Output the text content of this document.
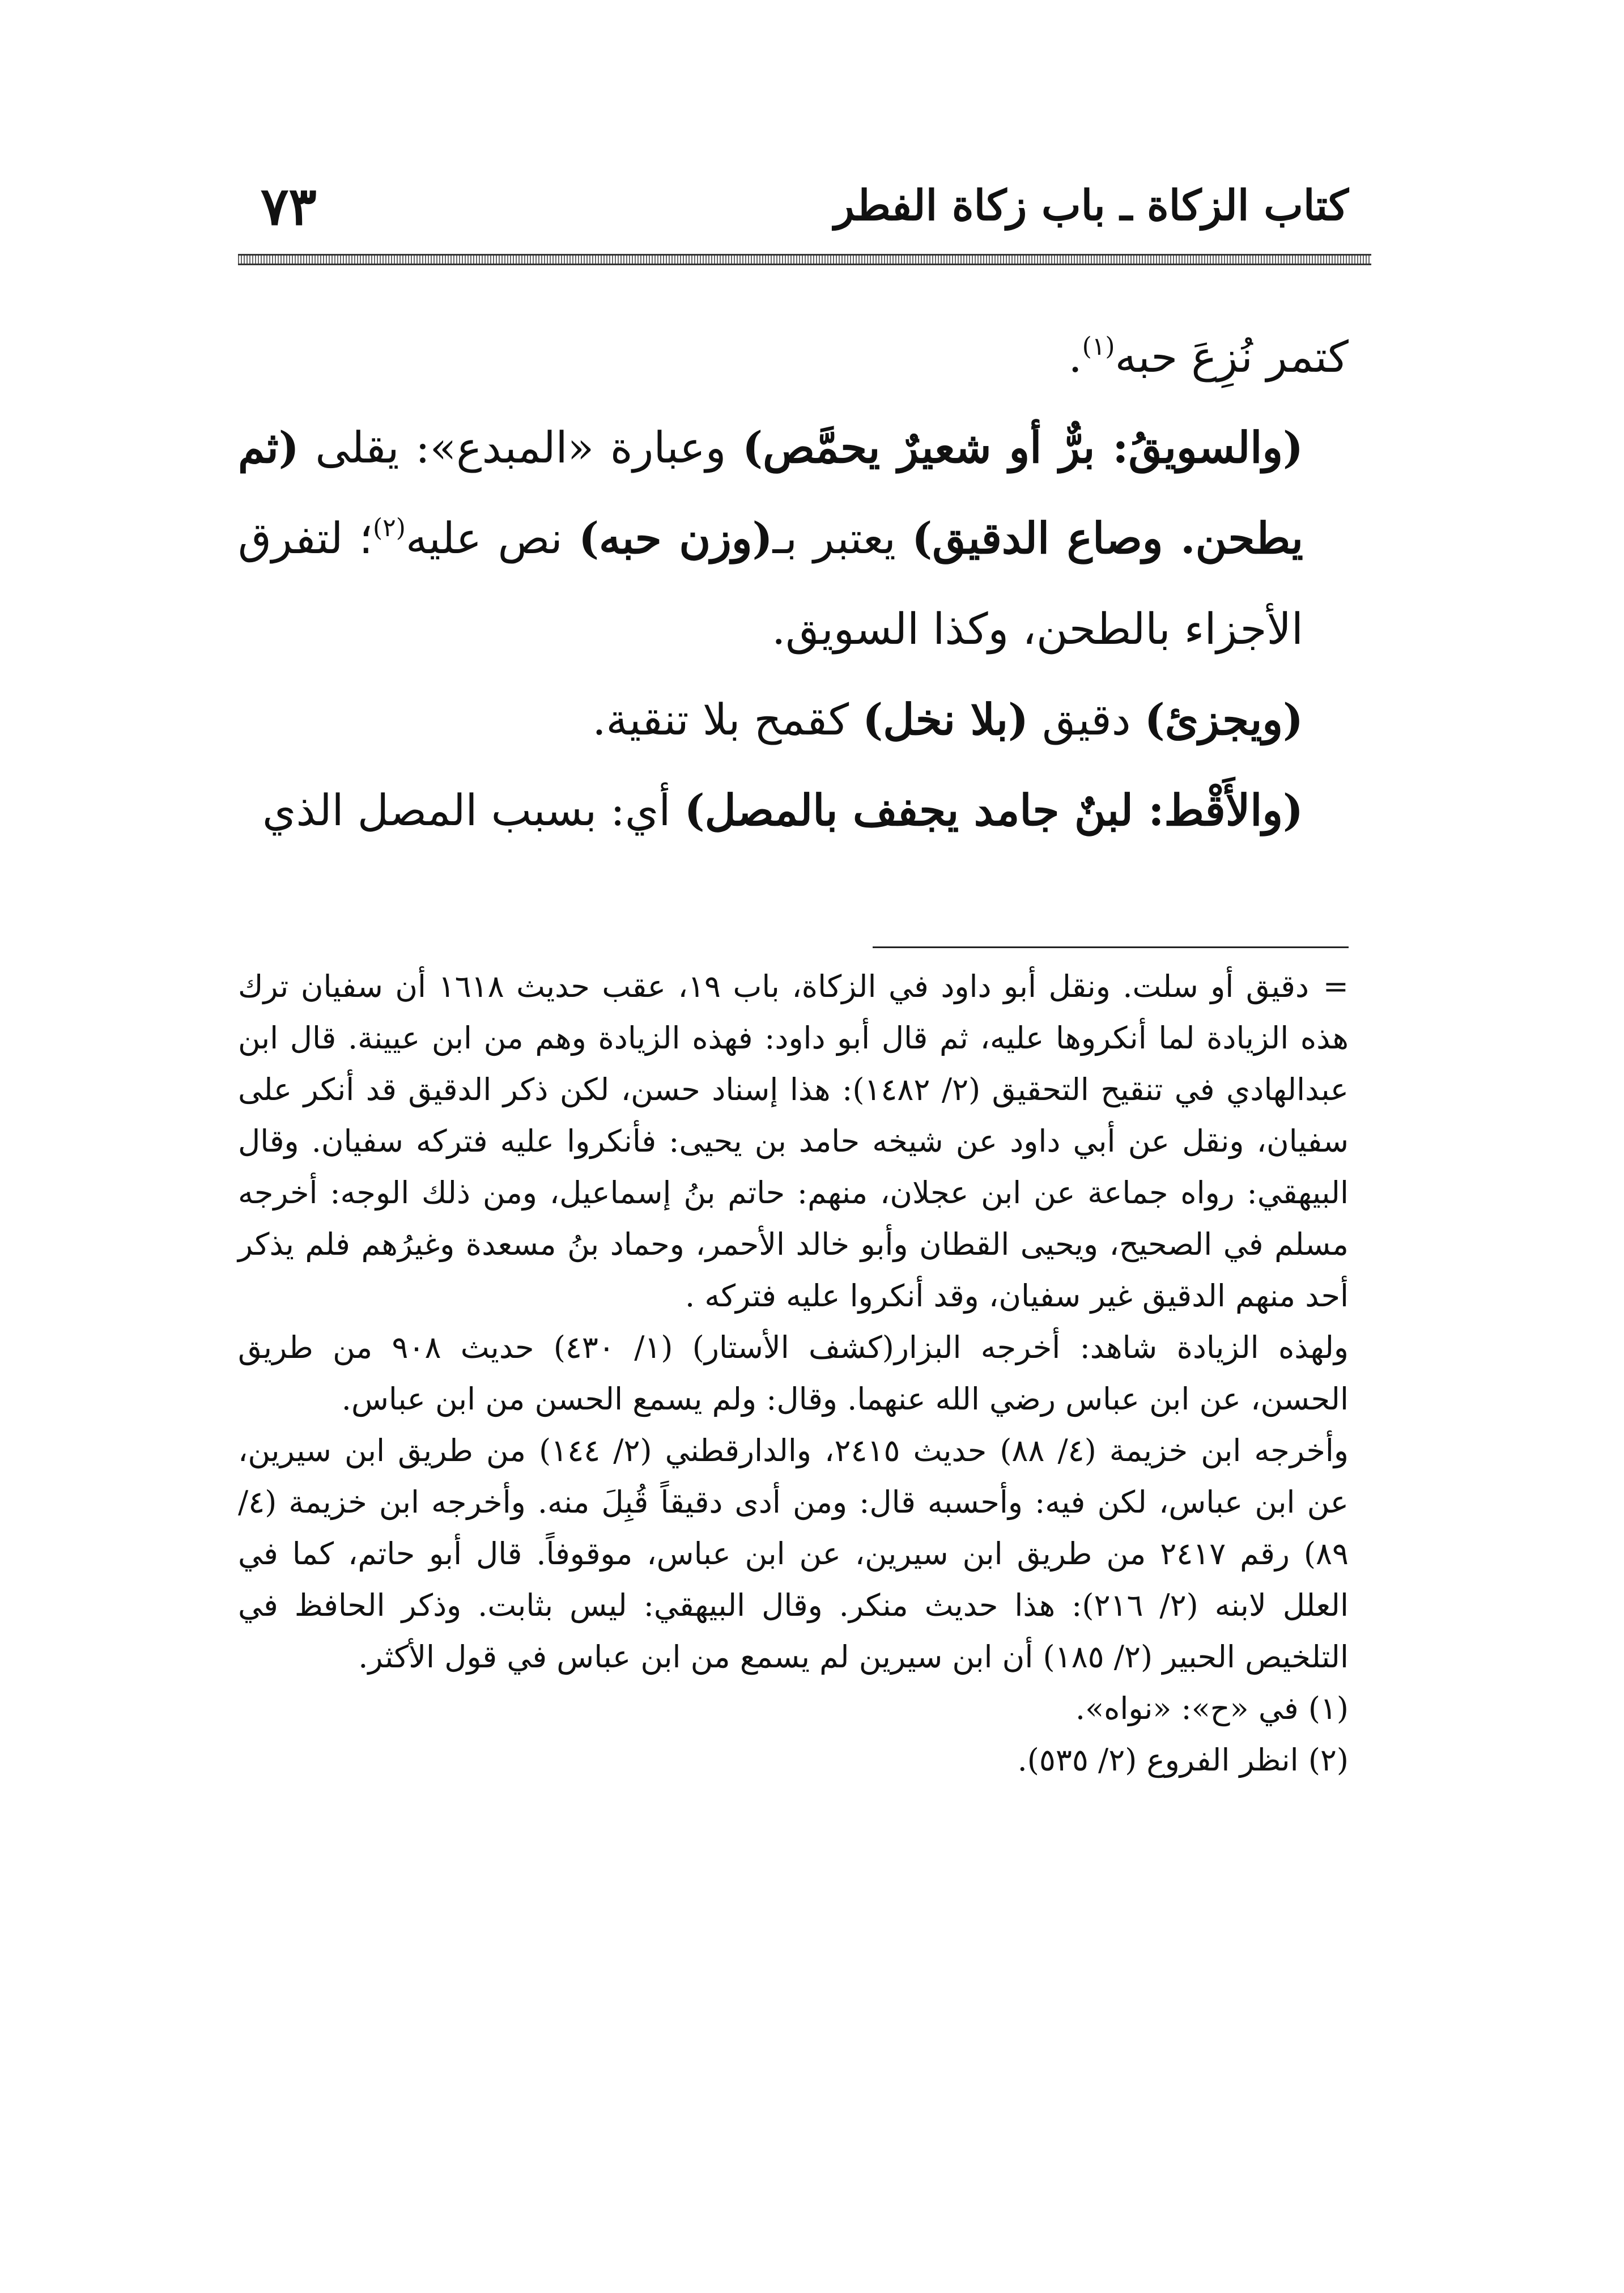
كتاب الزكاة ـ باب زكاة الفطر
٧٣

كتمر نُزِعَ حبه$^{(١)}$.

(والسويقُ: برٌّ أو شعيرٌ يحمَّص) وعبارة «المبدع»: يقلى (ثم يطحن. وصاع الدقيق) يعتبر بـ(وزن حبه) نص عليه$^{(٢)}$؛ لتفرق الأجزاء بالطحن، وكذا السويق.

(ويجزئ) دقيق (بلا نخل) كقمح بلا تنقية.

(والأَقْط: لبنٌ جامد يجفف بالمصل) أي: بسبب المصل الذي

=دقيق أو سلت. ونقل أبو داود في الزكاة، باب ١٩، عقب حديث ١٦١٨ أن سفيان ترك هذه الزيادة لما أنكروها عليه، ثم قال أبو داود: فهذه الزيادة وهم من ابن عيينة. قال ابن عبدالهادي في تنقيح التحقيق (٢/ ١٤٨٢): هذا إسناد حسن، لكن ذكر الدقيق قد أنكر على سفيان، ونقل عن أبي داود عن شيخه حامد بن يحيى: فأنكروا عليه فتركه سفيان. وقال البيهقي: رواه جماعة عن ابن عجلان، منهم: حاتم بنُ إسماعيل، ومن ذلك الوجه: أخرجه مسلم في الصحيح، ويحيى القطان وأبو خالد الأحمر، وحماد بنُ مسعدة وغيرُهم فلم يذكر أحد منهم الدقيق غير سفيان، وقد أنكروا عليه فتركه .

ولهذه الزيادة شاهد: أخرجه البزار(كشف الأستار) (١/ ٤٣٠) حديث ٩٠٨ من طريق الحسن، عن ابن عباس رضي الله عنهما. وقال: ولم يسمع الحسن من ابن عباس.

وأخرجه ابن خزيمة (٤/ ٨٨) حديث ٢٤١٥، والدارقطني (٢/ ١٤٤) من طريق ابن سيرين، عن ابن عباس، لكن فيه: وأحسبه قال: ومن أدى دقيقاً قُبِلَ منه. وأخرجه ابن خزيمة (٤/ ٨٩) رقم ٢٤١٧ من طريق ابن سيرين، عن ابن عباس، موقوفاً. قال أبو حاتم، كما في العلل لابنه (٢/ ٢١٦): هذا حديث منكر. وقال البيهقي: ليس بثابت. وذكر الحافظ في التلخيص الحبير (٢/ ١٨٥) أن ابن سيرين لم يسمع من ابن عباس في قول الأكثر.

(١) في «ح»: «نواه».

(٢) انظر الفروع (٢/ ٥٣٥).
